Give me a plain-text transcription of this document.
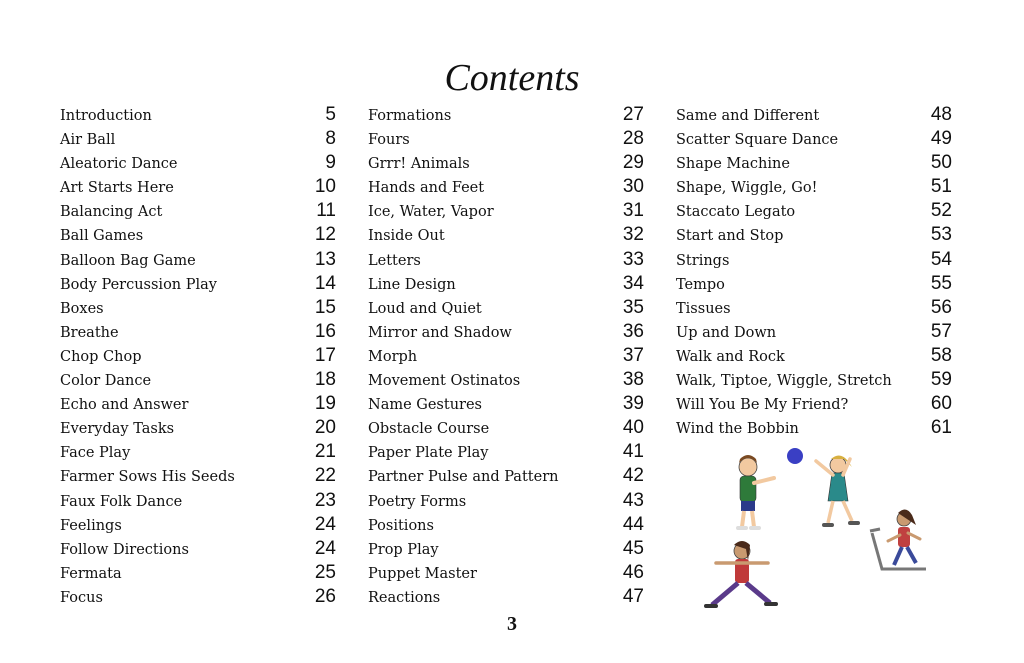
Contents
Introduction	5
Air Ball	8
Aleatoric Dance	9
Art Starts Here	10
Balancing Act	11
Ball Games	12
Balloon Bag Game	13
Body Percussion Play	14
Boxes	15
Breathe	16
Chop Chop	17
Color Dance	18
Echo and Answer	19
Everyday Tasks	20
Face Play	21
Farmer Sows His Seeds	22
Faux Folk Dance	23
Feelings	24
Follow Directions	24
Fermata	25
Focus	26
Formations	27
Fours	28
Grrr! Animals	29
Hands and Feet	30
Ice, Water, Vapor	31
Inside Out	32
Letters	33
Line Design	34
Loud and Quiet	35
Mirror and Shadow	36
Morph	37
Movement Ostinatos	38
Name Gestures	39
Obstacle Course	40
Paper Plate Play	41
Partner Pulse and Pattern	42
Poetry Forms	43
Positions	44
Prop Play	45
Puppet Master	46
Reactions	47
Same and Different	48
Scatter Square Dance	49
Shape Machine	50
Shape, Wiggle, Go!	51
Staccato Legato	52
Start and Stop	53
Strings	54
Tempo	55
Tissues	56
Up and Down	57
Walk and Rock	58
Walk, Tiptoe, Wiggle, Stretch 59
Will You Be My Friend?	60
Wind the Bobbin	61
3
